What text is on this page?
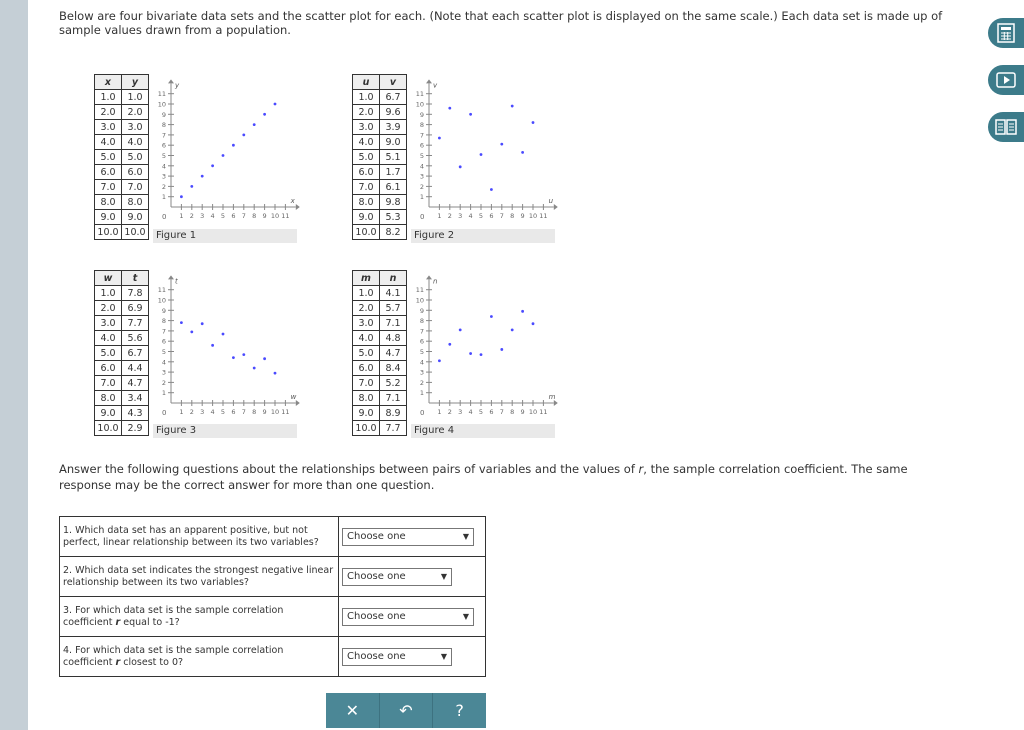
Below are four bivariate data sets and the scatter plot for each. (Note that each scatter plot is displayed on the same scale.) Each data set is made up of sample values drawn from a population.
x	y
1.0	1.0
2.0	2.0
3.0	3.0
4.0	4.0
5.0	5.0
6.0	6.0
7.0	7.0
8.0	8.0
9.0	9.0
10.0	10.0
u	v
1.0	6.7
2.0	9.6
3.0	3.9
4.0	9.0
5.0	5.1
6.0	1.7
7.0	6.1
8.0	9.8
9.0	5.3
10.0	8.2
w	t
1.0	7.8
2.0	6.9
3.0	7.7
4.0	5.6
5.0	6.7
6.0	4.4
7.0	4.7
8.0	3.4
9.0	4.3
10.0	2.9
m	n
1.0	4.1
2.0	5.7
3.0	7.1
4.0	4.8
5.0	4.7
6.0	8.4
7.0	5.2
8.0	7.1
9.0	8.9
10.0	7.7
x
y
0 1 2 3 4 5 6 7 8 9 10 11
1
2
3
4
5
6
7
8
9
10
11
u
v
0 1 2 3 4 5 6 7 8 9 10 11
1
2
3
4
5
6
7
8
9
10
11
w
t
0 1 2 3 4 5 6 7 8 9 10 11
1
2
3
4
5
6
7
8
9
10
11
m
n
0 1 2 3 4 5 6 7 8 9 10 11
1
2
3
4
5
6
7
8
9
10
11
Figure 1	Figure 2
Figure 3	Figure 4
Answer the following questions about the relationships between pairs of variables and the values of r, the sample correlation coefficient. The same response may be the correct answer for more than one question.
1. Which data set has an apparent positive, but not perfect, linear relationship between its two variables?	Choose one ▼

2. Which data set indicates the strongest negative linear relationship between its two variables?	Choose one ▼

3. For which data set is the sample correlation coefficient r equal to -1?	Choose one ▼

4. For which data set is the sample correlation coefficient r closest to 0?	Choose one ▼
✕	↶	?
